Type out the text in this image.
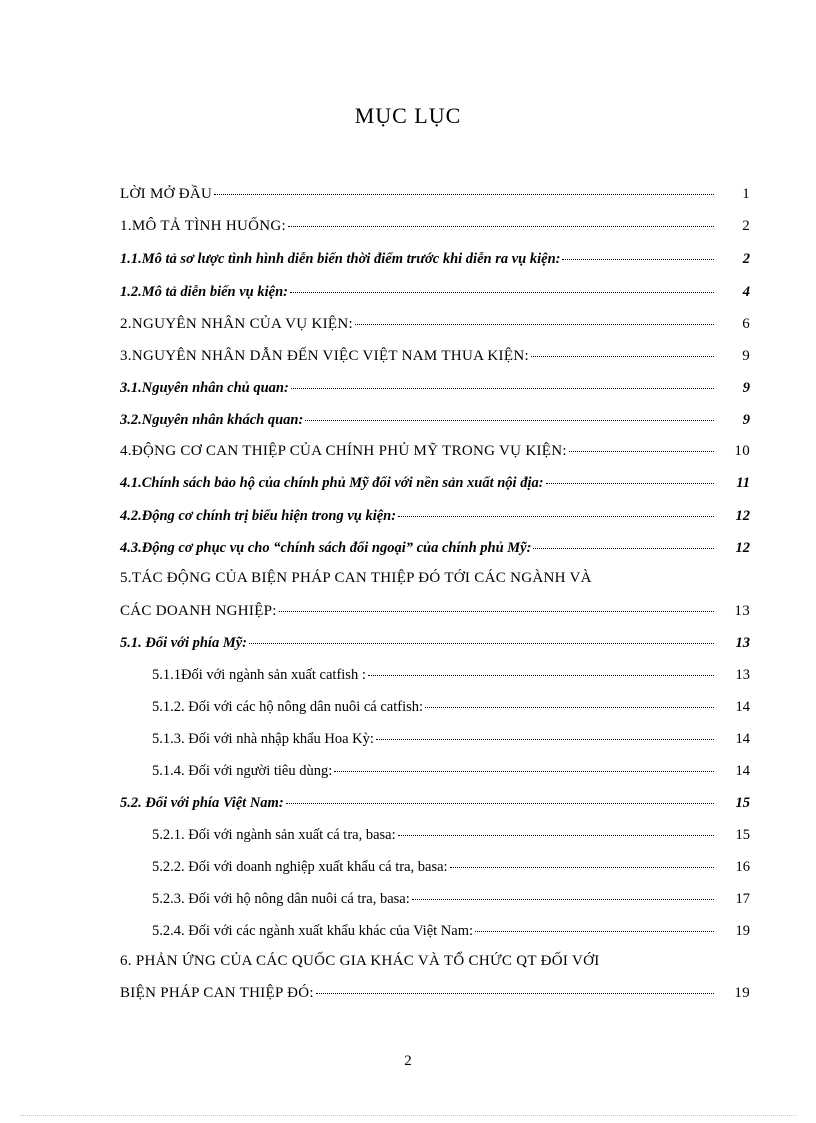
MỤC LỤC
LỜI MỞ ĐẦU	1
1.MÔ TẢ TÌNH HUỐNG:	2
1.1.Mô tả sơ lược tình hình diễn biến thời điểm trước khi diễn ra vụ kiện:	2
1.2.Mô tả diễn biến vụ kiện:	4
2.NGUYÊN NHÂN CỦA VỤ KIỆN:	6
3.NGUYÊN NHÂN DẪN ĐẾN VIỆC VIỆT NAM THUA KIỆN:	9
3.1.Nguyên nhân chủ quan:	9
3.2.Nguyên nhân khách quan:	9
4.ĐỘNG CƠ CAN THIỆP CỦA CHÍNH PHỦ MỸ TRONG VỤ KIỆN:	10
4.1.Chính sách bảo hộ của chính phủ Mỹ đối với nền sản xuất nội địa:	11
4.2.Động cơ chính trị biểu hiện trong vụ kiện:	12
4.3.Động cơ phục vụ cho “chính sách đối ngoại” của chính phủ Mỹ:	12
5.TÁC ĐỘNG CỦA BIỆN PHÁP CAN THIỆP ĐÓ TỚI CÁC NGÀNH VÀ
CÁC DOANH NGHIỆP:	13
5.1. Đối với phía Mỹ:	13
5.1.1Đối với ngành sản xuất catfish :	13
5.1.2. Đối với các hộ nông dân nuôi cá catfish:	14
5.1.3. Đối với nhà nhập khẩu Hoa Kỳ:	14
5.1.4. Đối với người tiêu dùng:	14
5.2. Đối với phía Việt Nam:	15
5.2.1. Đối với ngành sản xuất cá tra, basa:	15
5.2.2. Đối với doanh nghiệp xuất khẩu cá tra, basa:	16
5.2.3. Đối với hộ nông dân nuôi cá tra, basa:	17
5.2.4. Đối với các ngành xuất khẩu khác của Việt Nam:	19
6. PHẢN ỨNG CỦA CÁC QUỐC GIA KHÁC VÀ TỔ CHỨC QT ĐỐI VỚI
BIỆN PHÁP CAN THIỆP ĐÓ:	19
2
